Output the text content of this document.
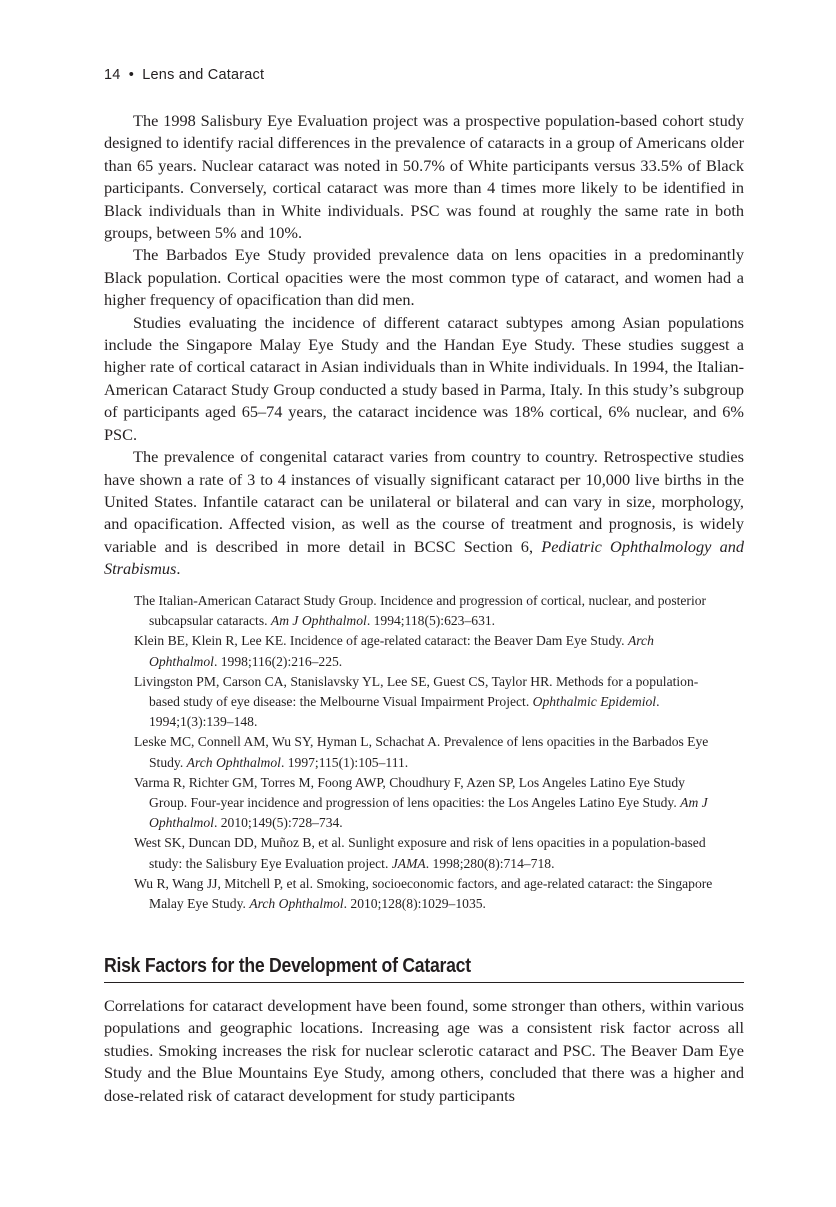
14 • Lens and Cataract

The 1998 Salisbury Eye Evaluation project was a prospective population-based cohort study designed to identify racial differences in the prevalence of cataracts in a group of Americans older than 65 years. Nuclear cataract was noted in 50.7% of White participants versus 33.5% of Black participants. Conversely, cortical cataract was more than 4 times more likely to be identified in Black individuals than in White individuals. PSC was found at roughly the same rate in both groups, between 5% and 10%.

The Barbados Eye Study provided prevalence data on lens opacities in a predominantly Black population. Cortical opacities were the most common type of cataract, and women had a higher frequency of opacification than did men.

Studies evaluating the incidence of different cataract subtypes among Asian populations include the Singapore Malay Eye Study and the Handan Eye Study. These studies suggest a higher rate of cortical cataract in Asian individuals than in White individuals. In 1994, the Italian-American Cataract Study Group conducted a study based in Parma, Italy. In this study’s subgroup of participants aged 65–74 years, the cataract incidence was 18% cortical, 6% nuclear, and 6% PSC.

The prevalence of congenital cataract varies from country to country. Retrospective studies have shown a rate of 3 to 4 instances of visually significant cataract per 10,000 live births in the United States. Infantile cataract can be unilateral or bilateral and can vary in size, morphology, and opacification. Affected vision, as well as the course of treatment and prognosis, is widely variable and is described in more detail in BCSC Section 6, Pediatric Ophthalmology and Strabismus.

The Italian-American Cataract Study Group. Incidence and progression of cortical, nuclear, and posterior subcapsular cataracts. Am J Ophthalmol. 1994;118(5):623–631.

Klein BE, Klein R, Lee KE. Incidence of age-related cataract: the Beaver Dam Eye Study. Arch Ophthalmol. 1998;116(2):216–225.

Livingston PM, Carson CA, Stanislavsky YL, Lee SE, Guest CS, Taylor HR. Methods for a population-based study of eye disease: the Melbourne Visual Impairment Project. Ophthalmic Epidemiol. 1994;1(3):139–148.

Leske MC, Connell AM, Wu SY, Hyman L, Schachat A. Prevalence of lens opacities in the Barbados Eye Study. Arch Ophthalmol. 1997;115(1):105–111.

Varma R, Richter GM, Torres M, Foong AWP, Choudhury F, Azen SP, Los Angeles Latino Eye Study Group. Four-year incidence and progression of lens opacities: the Los Angeles Latino Eye Study. Am J Ophthalmol. 2010;149(5):728–734.

West SK, Duncan DD, Muñoz B, et al. Sunlight exposure and risk of lens opacities in a population-based study: the Salisbury Eye Evaluation project. JAMA. 1998;280(8):714–718.

Wu R, Wang JJ, Mitchell P, et al. Smoking, socioeconomic factors, and age-related cataract: the Singapore Malay Eye Study. Arch Ophthalmol. 2010;128(8):1029–1035.

Risk Factors for the Development of Cataract

Correlations for cataract development have been found, some stronger than others, within various populations and geographic locations. Increasing age was a consistent risk factor across all studies. Smoking increases the risk for nuclear sclerotic cataract and PSC. The Beaver Dam Eye Study and the Blue Mountains Eye Study, among others, concluded that there was a higher and dose-related risk of cataract development for study participants
